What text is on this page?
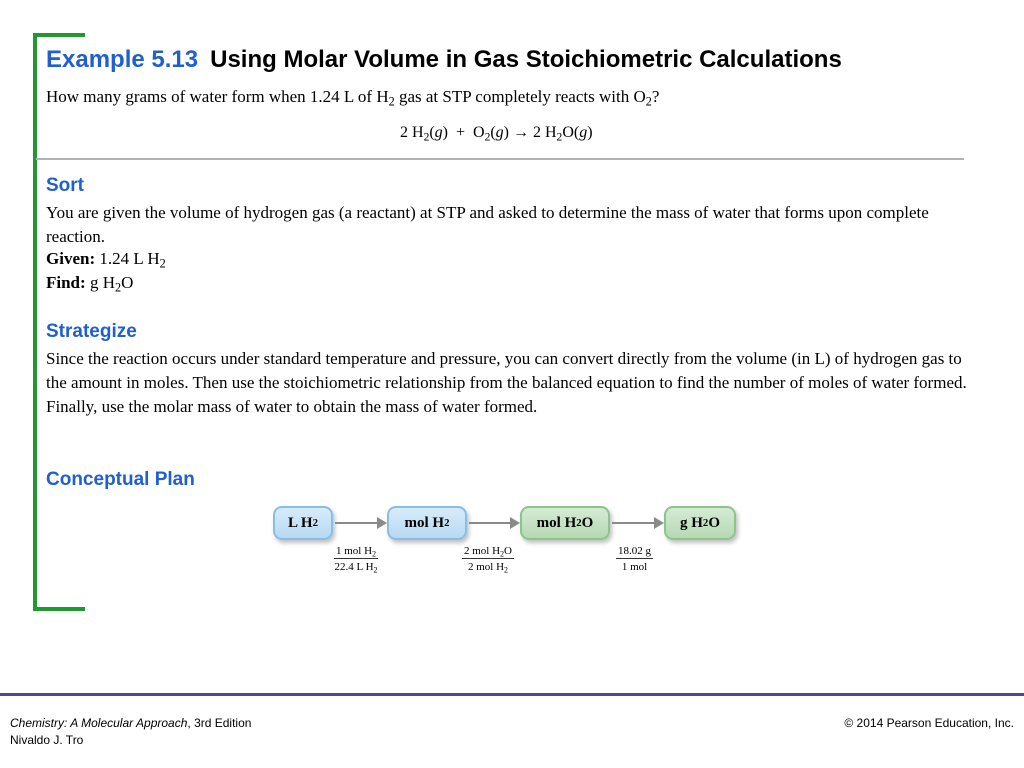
Example 5.13 Using Molar Volume in Gas Stoichiometric Calculations
How many grams of water form when 1.24 L of $H_2$ gas at STP completely reacts with $O_2$?
2 $H_2(g) + O_2(g) \to 2$ $H_2O(g)$
Sort
You are given the volume of hydrogen gas (a reactant) at STP and asked to determine the mass of water that forms upon complete reaction.
Given: 1.24 L $H_2$
Find: g $H_2O$
Strategize
Since the reaction occurs under standard temperature and pressure, you can convert directly from the volume (in L) of hydrogen gas to the amount in moles. Then use the stoichiometric relationship from the balanced equation to find the number of moles of water formed. Finally, use the molar mass of water to obtain the mass of water formed.
Conceptual Plan
L H 2	mol H 2	mol H 2 O	g H 2 O
1 mol $H_2$
22.4 L $H_2$
2 mol $H_2O$
2 mol $H_2$
18.02 g
1 mol
Chemistry: A Molecular Approach, 3rd Edition
Nivaldo J. Tro
© 2014 Pearson Education, Inc.
